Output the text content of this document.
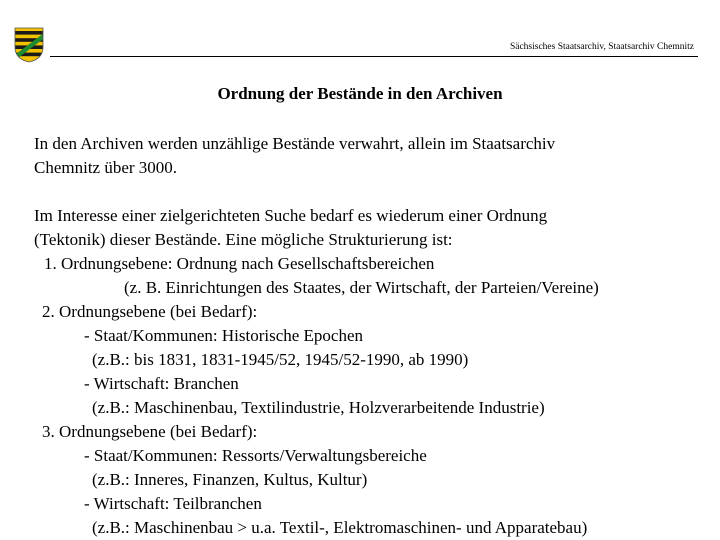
Sächsisches Staatsarchiv, Staatsarchiv Chemnitz
Ordnung der Bestände in den Archiven
In den Archiven werden unzählige Bestände verwahrt, allein im Staatsarchiv
Chemnitz über 3000.
Im Interesse einer zielgerichteten Suche bedarf es wiederum einer Ordnung
(Tektonik) dieser Bestände. Eine mögliche Strukturierung ist:
1. Ordnungsebene: Ordnung nach Gesellschaftsbereichen
(z. B. Einrichtungen des Staates, der Wirtschaft, der Parteien/Vereine)
2. Ordnungsebene (bei Bedarf):
- Staat/Kommunen: Historische Epochen
(z.B.: bis 1831, 1831-1945/52, 1945/52-1990, ab 1990)
- Wirtschaft: Branchen
(z.B.: Maschinenbau, Textilindustrie, Holzverarbeitende Industrie)
3. Ordnungsebene (bei Bedarf):
- Staat/Kommunen: Ressorts/Verwaltungsbereiche
(z.B.: Inneres, Finanzen, Kultus, Kultur)
- Wirtschaft: Teilbranchen
(z.B.: Maschinenbau > u.a. Textil-, Elektromaschinen- und Apparatebau)
